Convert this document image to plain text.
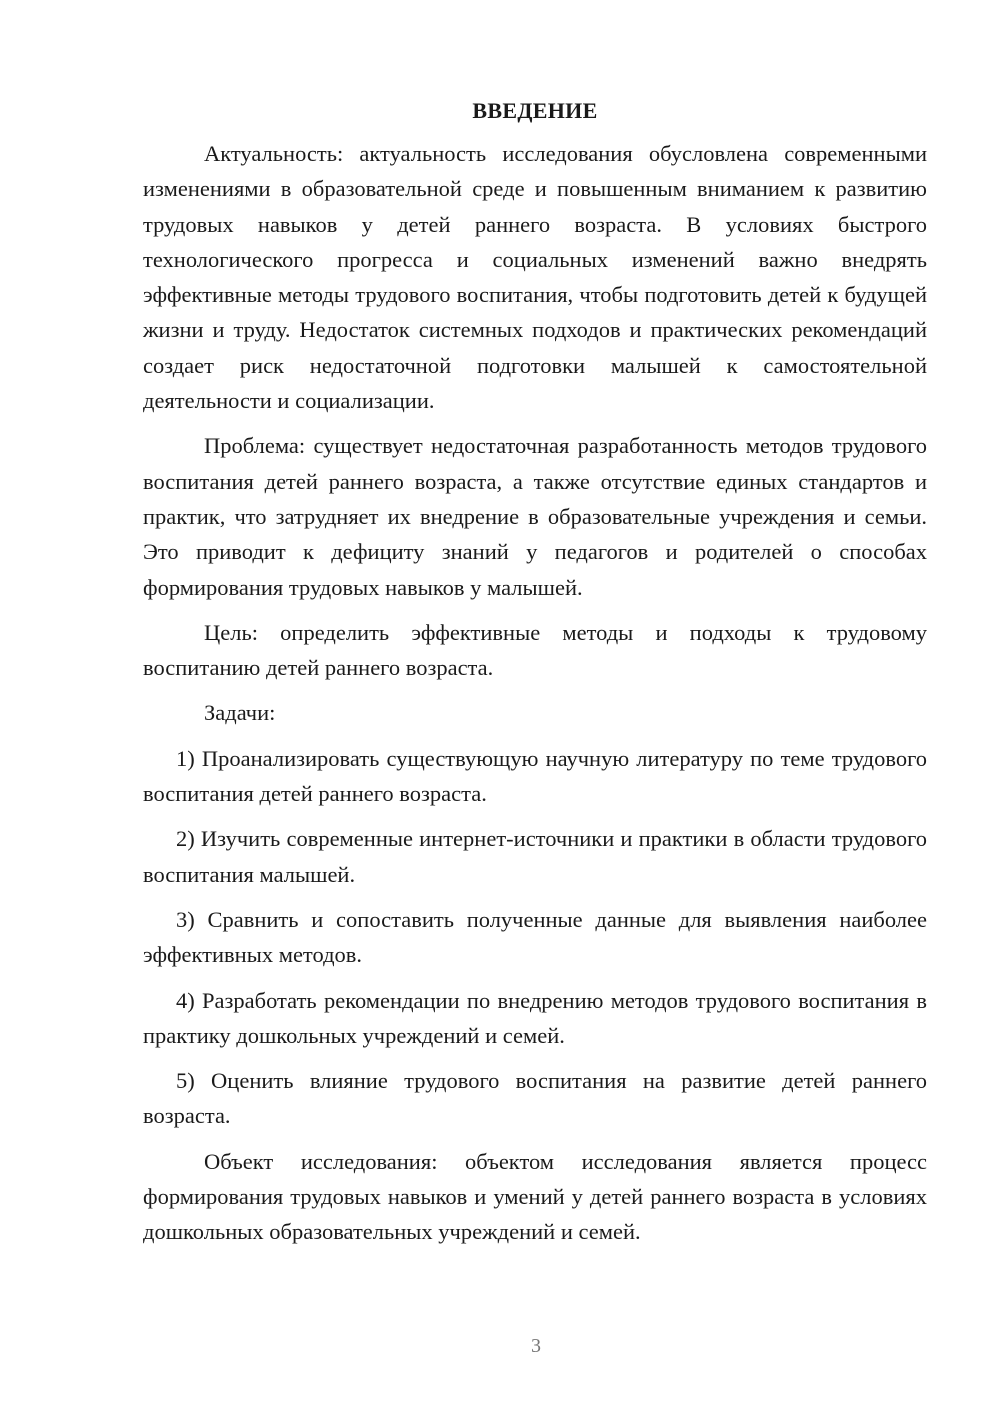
ВВЕДЕНИЕ

Актуальность: актуальность исследования обусловлена современными изменениями в образовательной среде и повышенным вниманием к развитию трудовых навыков у детей раннего возраста. В условиях быстрого технологического прогресса и социальных изменений важно внедрять эффективные методы трудового воспитания, чтобы подготовить детей к будущей жизни и труду. Недостаток системных подходов и практических рекомендаций создает риск недостаточной подготовки малышей к самостоятельной деятельности и социализации.

Проблема: существует недостаточная разработанность методов трудового воспитания детей раннего возраста, а также отсутствие единых стандартов и практик, что затрудняет их внедрение в образовательные учреждения и семьи. Это приводит к дефициту знаний у педагогов и родителей о способах формирования трудовых навыков у малышей.

Цель: определить эффективные методы и подходы к трудовому воспитанию детей раннего возраста.

Задачи:

1) Проанализировать существующую научную литературу по теме трудового воспитания детей раннего возраста.

2) Изучить современные интернет-источники и практики в области трудового воспитания малышей.

3) Сравнить и сопоставить полученные данные для выявления наиболее эффективных методов.

4) Разработать рекомендации по внедрению методов трудового воспитания в практику дошкольных учреждений и семей.

5) Оценить влияние трудового воспитания на развитие детей раннего возраста.

Объект исследования: объектом исследования является процесс формирования трудовых навыков и умений у детей раннего возраста в условиях дошкольных образовательных учреждений и семей.

3
